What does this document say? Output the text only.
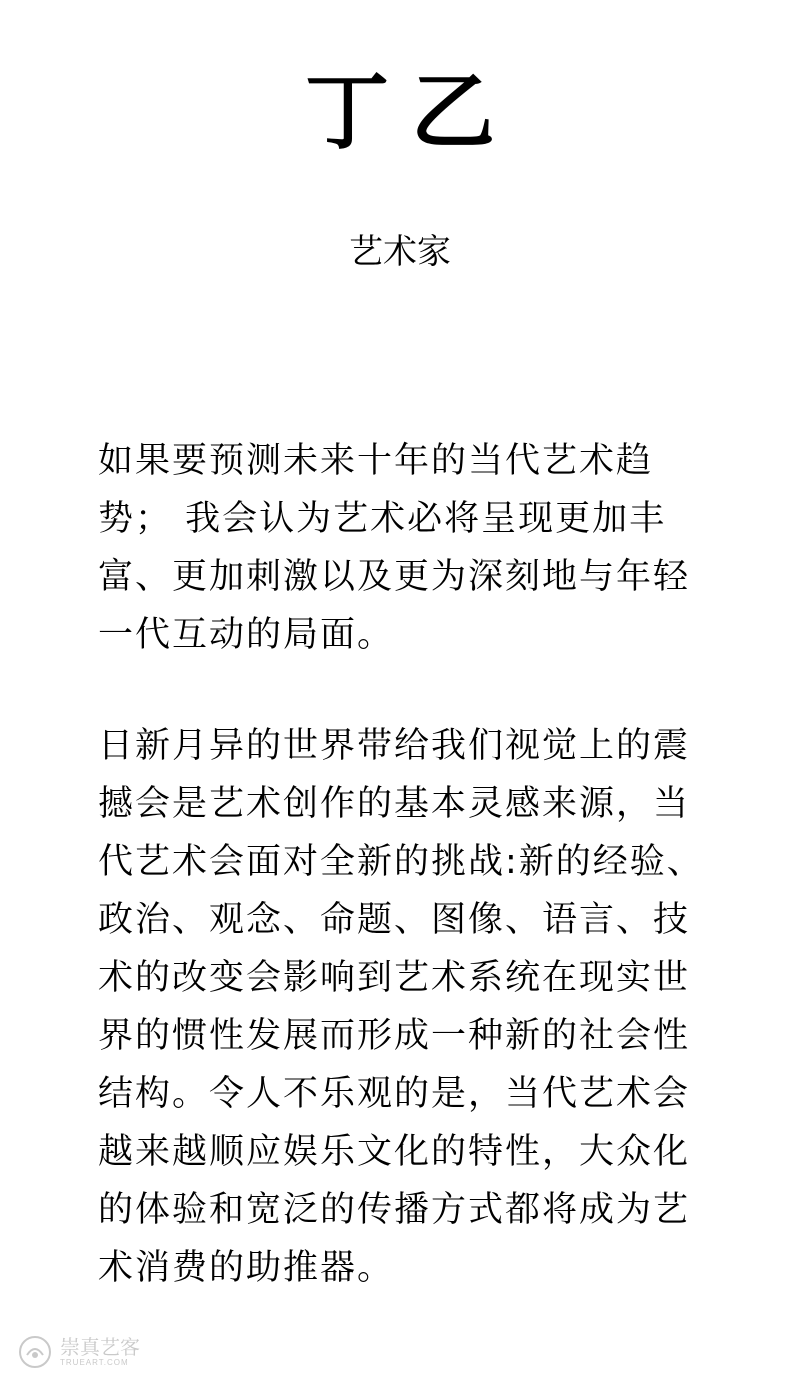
丁乙
艺术家

如果要预测未来十年的当代艺术趋势； 我会认为艺术必将呈现更加丰富、更加刺激以及更为深刻地与年轻一代互动的局面。

日新月异的世界带给我们视觉上的震撼会是艺术创作的基本灵感来源，当代艺术会面对全新的挑战:新的经验、政治、观念、命题、图像、语言、技术的改变会影响到艺术系统在现实世界的惯性发展而形成一种新的社会性结构。令人不乐观的是，当代艺术会越来越顺应娱乐文化的特性，大众化的体验和宽泛的传播方式都将成为艺术消费的助推器。

崇真艺客
TRUEART.COM
